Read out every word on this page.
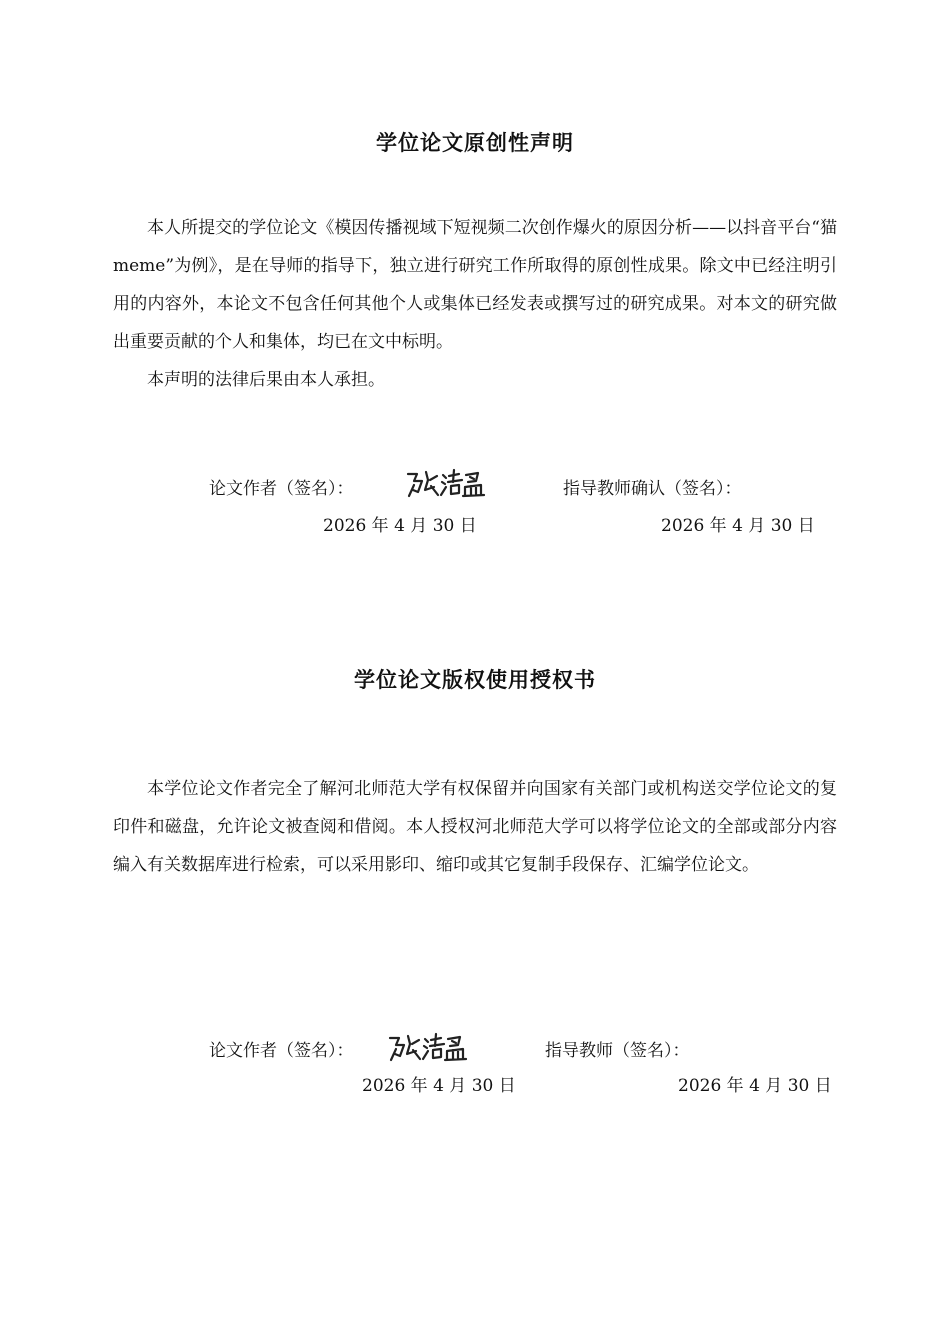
学位论文原创性声明

本人所提交的学位论文《模因传播视域下短视频二次创作爆火的原因分析——以抖音平台“猫meme”为例》，是在导师的指导下，独立进行研究工作所取得的原创性成果。除文中已经注明引用的内容外，本论文不包含任何其他个人或集体已经发表或撰写过的研究成果。对本文的研究做出重要贡献的个人和集体，均已在文中标明。

本声明的法律后果由本人承担。

论文作者（签名）：	指导教师确认（签名）：
2026 年 4 月 30 日	2026 年 4 月 30 日
学位论文版权使用授权书

本学位论文作者完全了解河北师范大学有权保留并向国家有关部门或机构送交学位论文的复印件和磁盘，允许论文被查阅和借阅。本人授权河北师范大学可以将学位论文的全部或部分内容编入有关数据库进行检索，可以采用影印、缩印或其它复制手段保存、汇编学位论文。

论文作者（签名）：	指导教师（签名）：
2026 年 4 月 30 日	2026 年 4 月 30 日
